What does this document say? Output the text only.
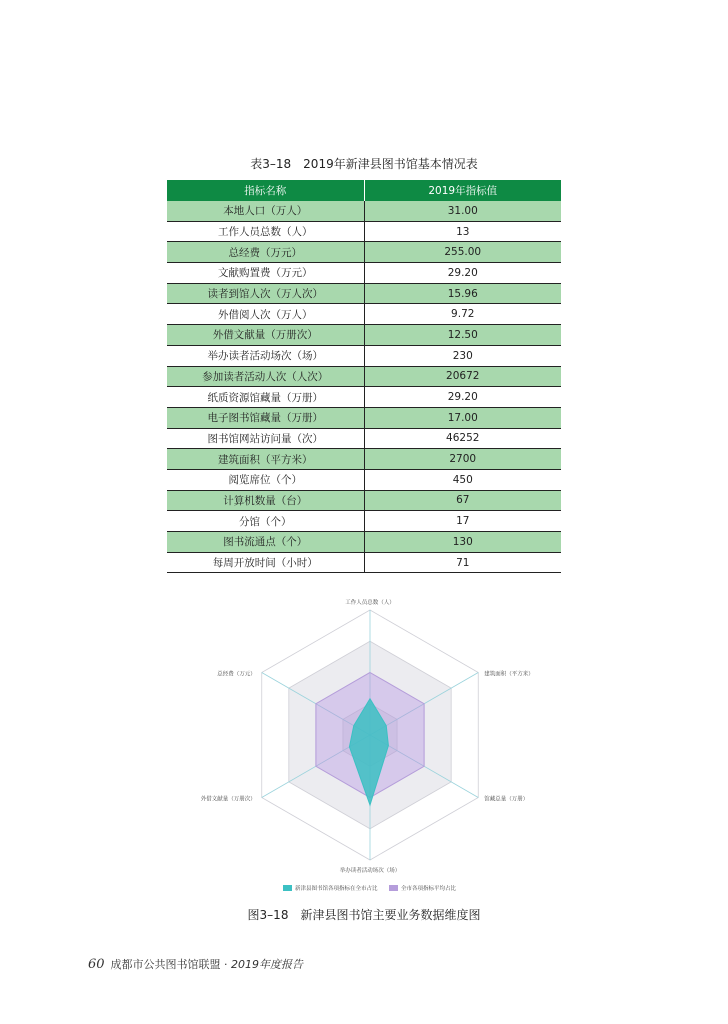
表3–18　2019年新津县图书馆基本情况表
指标名称	2019年指标值
本地人口（万人）	31.00
工作人员总数（人）	13
总经费（万元）	255.00
文献购置费（万元）	29.20
读者到馆人次（万人次）	15.96
外借阅人次（万人）	9.72
外借文献量（万册次）	12.50
举办读者活动场次（场）	230
参加读者活动人次（人次）	20672
纸质资源馆藏量（万册）	29.20
电子图书馆藏量（万册）	17.00
图书馆网站访问量（次）	46252
建筑面积（平方米）	2700
阅览席位（个）	450
计算机数量（台）	67
分馆（个）	17
图书流通点（个）	130
每周开放时间（小时）	71
工作人员总数（人）
建筑面积（平方米）
馆藏总量（万册）
举办读者活动场次（场）
外借文献量（万册次）
总经费（万元）
新津县图书馆各项指标在全市占比	全市各项指标平均占比
图3–18　新津县图书馆主要业务数据维度图
60 成都市公共图书馆联盟 · 2019年度报告
